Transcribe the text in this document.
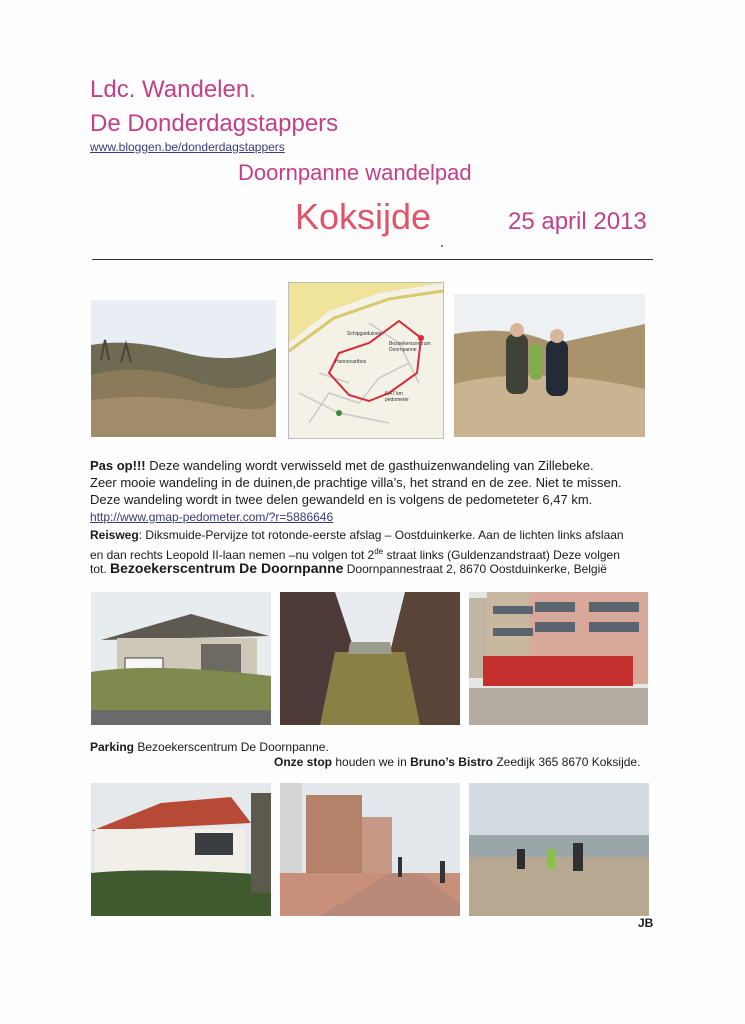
Ldc. Wandelen.
De Donderdagstappers
www.bloggen.be/donderdagstappers
Doornpanne wandelpad
Koksijde	25 april 2013
Schipgatduinen
Bezoekerscentrum
Doornpanne
Hannecartbos
6,47 km
pedometer
Pas op!!! Deze wandeling wordt verwisseld met de gasthuizenwandeling van Zillebeke.
Zeer mooie wandeling in de duinen,de prachtige villa’s, het strand en de zee. Niet te missen.
Deze wandeling wordt in twee delen gewandeld en is volgens de pedometeter 6,47 km.
http://www.gmap-pedometer.com/?r=5886646
Reisweg: Diksmuide-Pervijze tot rotonde-eerste afslag – Oostduinkerke. Aan de lichten links afslaan
en dan rechts Leopold II-laan nemen –nu volgen tot 2de straat links (Guldenzandstraat) Deze volgen
tot. Bezoekerscentrum De Doornpanne Doornpannestraat 2, 8670 Oostduinkerke, België
Parking Bezoekerscentrum De Doornpanne.
Onze stop houden we in Bruno’s Bistro Zeedijk 365 8670 Koksijde.
JB
